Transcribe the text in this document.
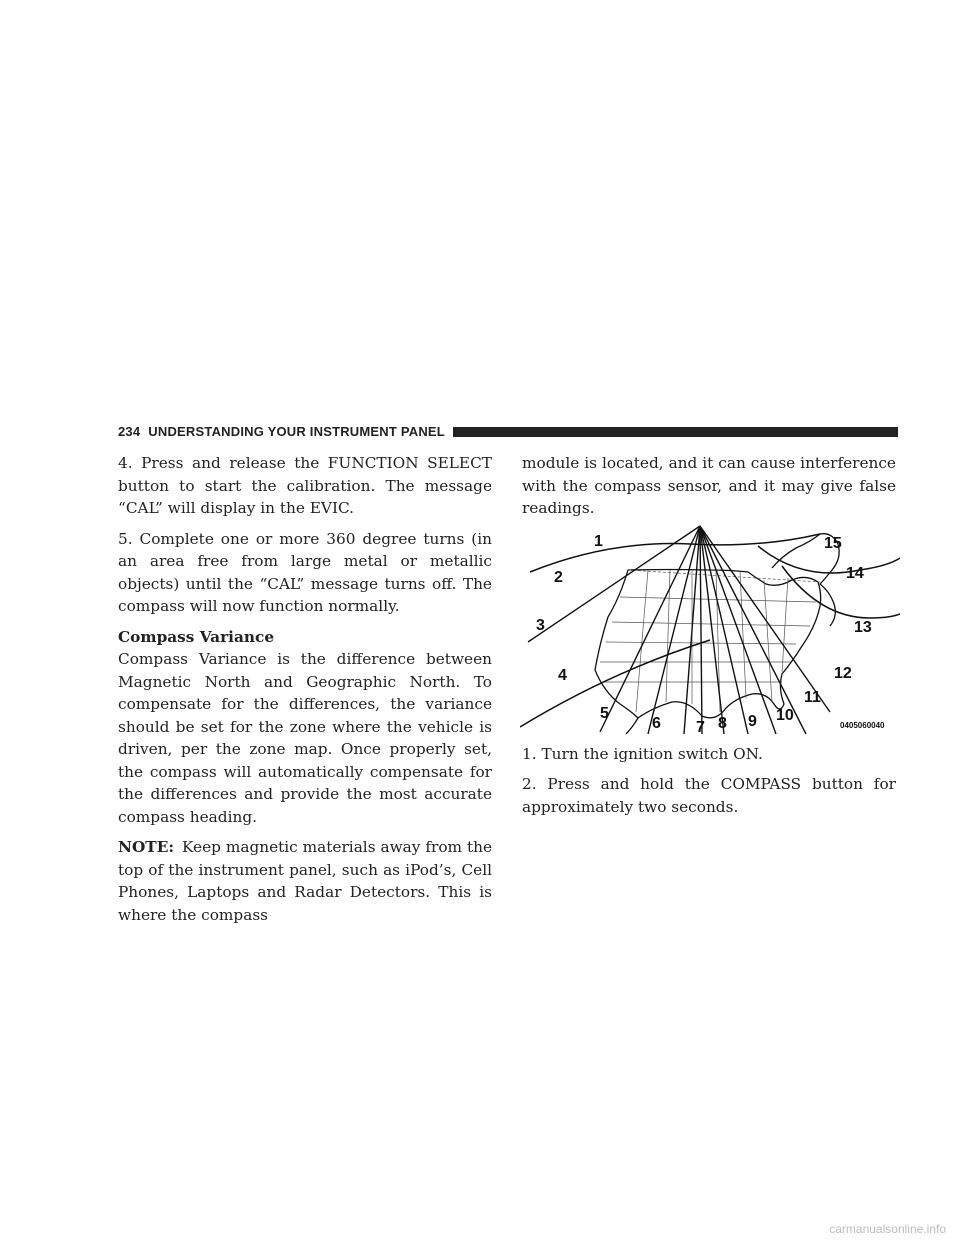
234 UNDERSTANDING YOUR INSTRUMENT PANEL

4. Press and release the FUNCTION SELECT button to start the calibration. The message “CAL” will display in the EVIC.

5. Complete one or more 360 degree turns (in an area free from large metal or metallic objects) until the “CAL” message turns off. The compass will now function normally.

Compass Variance

Compass Variance is the difference between Magnetic North and Geographic North. To compensate for the differences, the variance should be set for the zone where the vehicle is driven, per the zone map. Once properly set, the compass will automatically compensate for the differences and provide the most accurate compass heading.

NOTE: Keep magnetic materials away from the top of the instrument panel, such as iPod’s, Cell Phones, Laptops and Radar Detectors. This is where the compass

module is located, and it can cause interference with the compass sensor, and it may give false readings.

1
2
3
4
5
6 7 8 9 10
11
12
13
14
15
0405060040

1. Turn the ignition switch ON.

2. Press and hold the COMPASS button for approximately two seconds.

carmanualsonline.info
